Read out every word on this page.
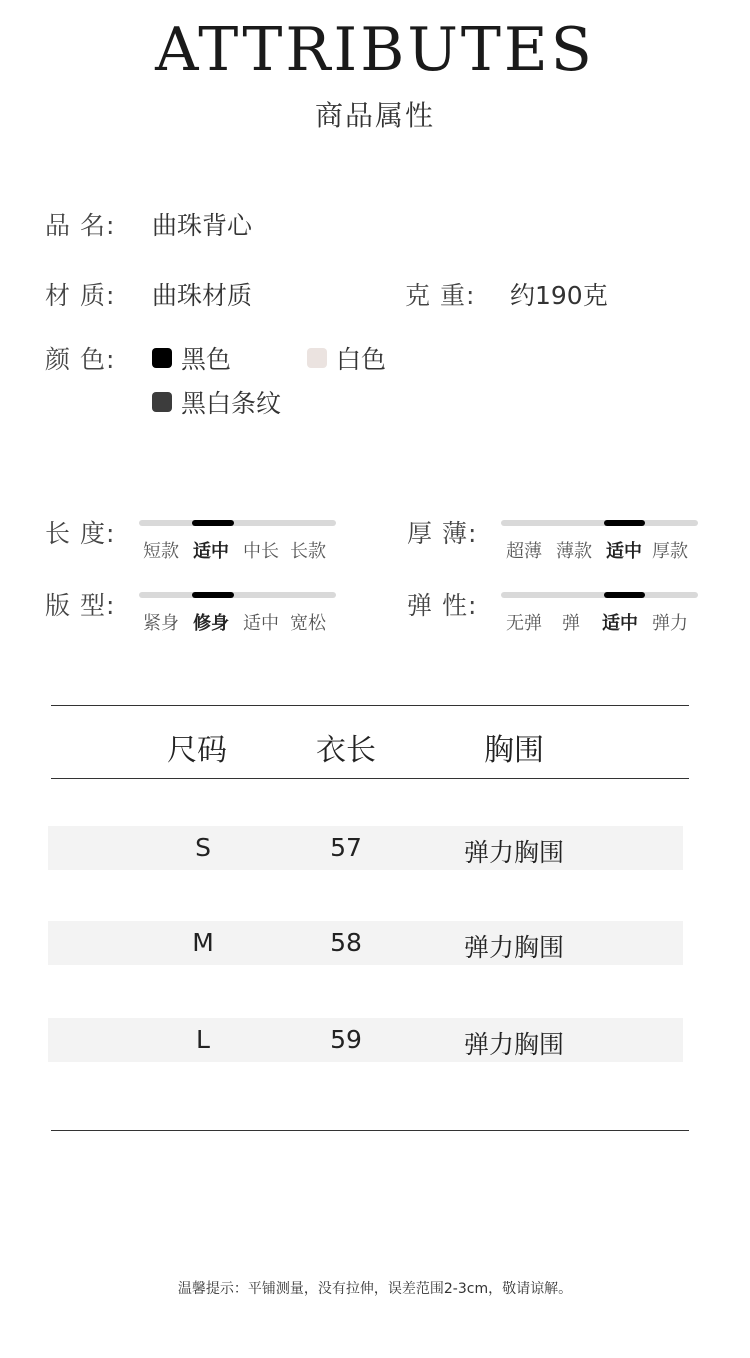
ATTRIBUTES
商品属性
品 名: 曲珠背心
材 质: 曲珠材质	克 重: 约190克
颜 色:	黑色	白色
黑白条纹
长 度:
短款 适中 中长 长款
厚 薄:
超薄 薄款 适中 厚款
版 型:
紧身 修身 适中 宽松
弹 性:
无弹 弹 适中 弹力
尺码	衣长	胸围
S	57	弹力胸围
M	58	弹力胸围
L	59	弹力胸围
温馨提示：平铺测量，没有拉伸，误差范围2-3cm，敬请谅解。
